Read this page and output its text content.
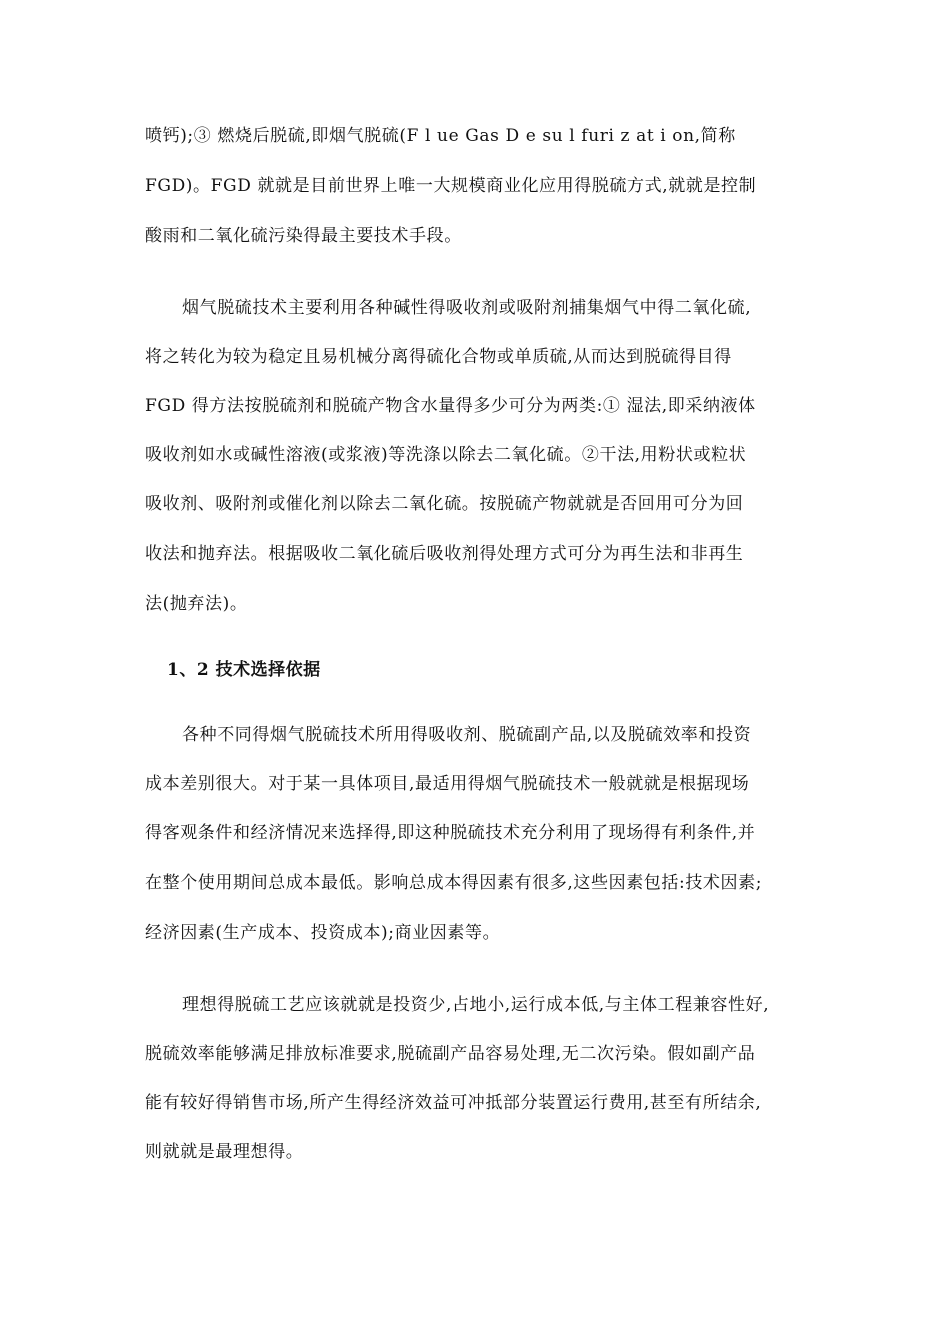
喷钙);③ 燃烧后脱硫,即烟气脱硫(F l ue Gas D e su l furi z at i on,简称
FGD)。FGD 就就是目前世界上唯一大规模商业化应用得脱硫方式,就就是控制
酸雨和二氧化硫污染得最主要技术手段。
烟气脱硫技术主要利用各种碱性得吸收剂或吸附剂捕集烟气中得二氧化硫,
将之转化为较为稳定且易机械分离得硫化合物或单质硫,从而达到脱硫得目得
FGD 得方法按脱硫剂和脱硫产物含水量得多少可分为两类:① 湿法,即采纳液体
吸收剂如水或碱性溶液(或浆液)等洗涤以除去二氧化硫。②干法,用粉状或粒状
吸收剂、吸附剂或催化剂以除去二氧化硫。按脱硫产物就就是否回用可分为回
收法和抛弃法。根据吸收二氧化硫后吸收剂得处理方式可分为再生法和非再生
法(抛弃法)。
1、2 技术选择依据
各种不同得烟气脱硫技术所用得吸收剂、脱硫副产品,以及脱硫效率和投资
成本差别很大。对于某一具体项目,最适用得烟气脱硫技术一般就就是根据现场
得客观条件和经济情况来选择得,即这种脱硫技术充分利用了现场得有利条件,并
在整个使用期间总成本最低。影响总成本得因素有很多,这些因素包括:技术因素;
经济因素(生产成本、投资成本);商业因素等。
理想得脱硫工艺应该就就是投资少,占地小,运行成本低,与主体工程兼容性好,
脱硫效率能够满足排放标准要求,脱硫副产品容易处理,无二次污染。假如副产品
能有较好得销售市场,所产生得经济效益可冲抵部分装置运行费用,甚至有所结余,
则就就是最理想得。
